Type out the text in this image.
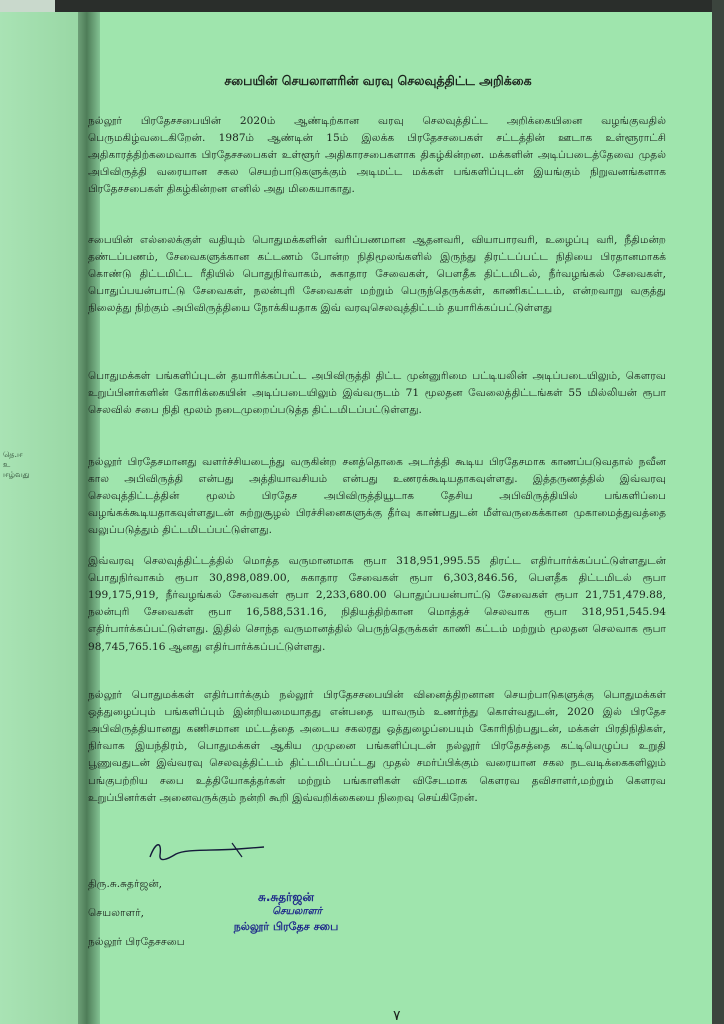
தெ.ஈ
உ
ஈழ்வது
சபையின் செயலாளரின் வரவு செலவுத்திட்ட அறிக்கை

நல்லூர் பிரதேசசபையின் 2020ம் ஆண்டிற்கான வரவு செலவுத்திட்ட அறிக்கையினை வழங்குவதில் பெருமகிழ்வடைகிறேன். 1987ம் ஆண்டின் 15ம் இலக்க பிரதேசசபைகள் சட்டத்தின் ஊடாக உள்ளூராட்சி அதிகாரத்திற்கமைவாக பிரதேசசபைகள் உள்ளூர் அதிகாரசபைகளாக திகழ்கின்றன. மக்களின் அடிப்படைத்தேவை முதல் அபிவிருத்தி வரையான சகல செயற்பாடுகளுக்கும் அடிமட்ட மக்கள் பங்களிப்புடன் இயங்கும் நிறுவனங்களாக பிரதேசசபைகள் திகழ்கின்றன எனில் அது மிகையாகாது.

சபையின் எல்லைக்குள் வதியும் பொதுமக்களின் வரிப்பணமான ஆதனவரி, வியாபாரவரி, உழைப்பு வரி, நீதிமன்ற தண்டப்பணம், சேவைகளுக்கான கட்டணம் போன்ற நிதிமூலங்களில் இருந்து திரட்டப்பட்ட நிதியை பிரதானமாகக் கொண்டு திட்டமிட்ட ரீதியில் பொதுநிர்வாகம், சுகாதார சேவைகள், பௌதீக திட்டமிடல், நீர்வழங்கல் சேவைகள், பொதுப்பயன்பாட்டு சேவைகள், நலன்புரி சேவைகள் மற்றும் பெருந்தெருக்கள், காணிகட்டடம், என்றவாறு வகுத்து நிலைத்து நிற்கும் அபிவிருத்தியை நோக்கியதாக இவ் வரவுசெலவுத்திட்டம் தயாரிக்கப்பட்டுள்ளது

பொதுமக்கள் பங்களிப்புடன் தயாரிக்கப்பட்ட அபிவிருத்தி திட்ட முன்னுரிமை பட்டியலின் அடிப்படையிலும், கௌரவ உறுப்பினர்களின் கோரிக்கையின் அடிப்படையிலும் இவ்வருடம் 71 மூலதன வேலைத்திட்டங்கள் 55 மில்லியன் ரூபா செலவில் சபை நிதி மூலம் நடைமுறைப்படுத்த திட்டமிடப்பட்டுள்ளது.

நல்லூர் பிரதேசமானது வளர்ச்சியடைந்து வருகின்ற சனத்தொகை அடர்த்தி கூடிய பிரதேசமாக காணப்படுவதால் நவீன கால அபிவிருத்தி என்பது அத்தியாவசியம் என்பது உணரக்கூடியதாகவுள்ளது. இத்தருணத்தில் இவ்வரவு செலவுத்திட்டத்தின் மூலம் பிரதேச அபிவிருத்தியூடாக தேசிய அபிவிருத்தியில் பங்களிப்பை வழங்கக்கூடியதாகவுள்ளதுடன் சுற்றுசூழல் பிரச்சினைகளுக்கு தீர்வு காண்பதுடன் மீள்வருகைக்கான முகாமைத்துவத்தை வலுப்படுத்தும் திட்டமிடப்பட்டுள்ளது.

இவ்வரவு செலவுத்திட்டத்தில் மொத்த வருமானமாக ரூபா 318,951,995.55 திரட்ட எதிர்பார்க்கப்பட்டுள்ளதுடன் பொதுநிர்வாகம் ரூபா 30,898,089.00, சுகாதார சேவைகள் ரூபா 6,303,846.56, பௌதீக திட்டமிடல் ரூபா 199,175,919, நீர்வழங்கல் சேவைகள் ரூபா 2,233,680.00 பொதுப்பயன்பாட்டு சேவைகள் ரூபா 21,751,479.88, நலன்புரி சேவைகள் ரூபா 16,588,531.16, நிதியத்திற்கான மொத்தச் செலவாக ரூபா 318,951,545.94 எதிர்பார்க்கப்பட்டுள்ளது. இதில் சொந்த வருமானத்தில் பெருந்தெருக்கள் காணி கட்டம் மற்றும் மூலதன செலவாக ரூபா 98,745,765.16 ஆனது எதிர்பார்க்கப்பட்டுள்ளது.

நல்லூர் பொதுமக்கள் எதிர்பார்க்கும் நல்லூர் பிரதேசசபையின் வினைத்திறனான செயற்பாடுகளுக்கு பொதுமக்கள் ஒத்துழைப்பும் பங்களிப்பும் இன்றியமையாதது என்பதை யாவரும் உணர்ந்து கொள்வதுடன், 2020 இல் பிரதேச அபிவிருத்தியானது கணிசமான மட்டத்தை அடைய சகலரது ஒத்துழைப்பையும் கோரிநிற்பதுடன், மக்கள் பிரதிநிதிகள், நிர்வாக இயந்திரம், பொதுமக்கள் ஆகிய முமுனை பங்களிப்புடன் நல்லூர் பிரதேசத்தை கட்டியெழுப்ப உறுதி பூணுவதுடன் இவ்வரவு செலவுத்திட்டம் திட்டமிடப்பட்டது முதல் சமர்ப்பிக்கும் வரையான சகல நடவடிக்கைகளிலும் பங்குபற்றிய சபை உத்தியோகத்தர்கள் மற்றும் பங்காளிகள் விசேடமாக கௌரவ தவிசாளர்,மற்றும் கௌரவ உறுப்பினர்கள் அனைவருக்கும் நன்றி கூறி இவ்வறிக்கையை நிறைவு செய்கிறேன்.

திரு.சு.சுதர்ஜன்,
செயலாளர்,
நல்லூர் பிரதேசசபை
சு.சுதர்ஜன்
செயலாளர்
நல்லூர் பிரதேச சபை
٧
